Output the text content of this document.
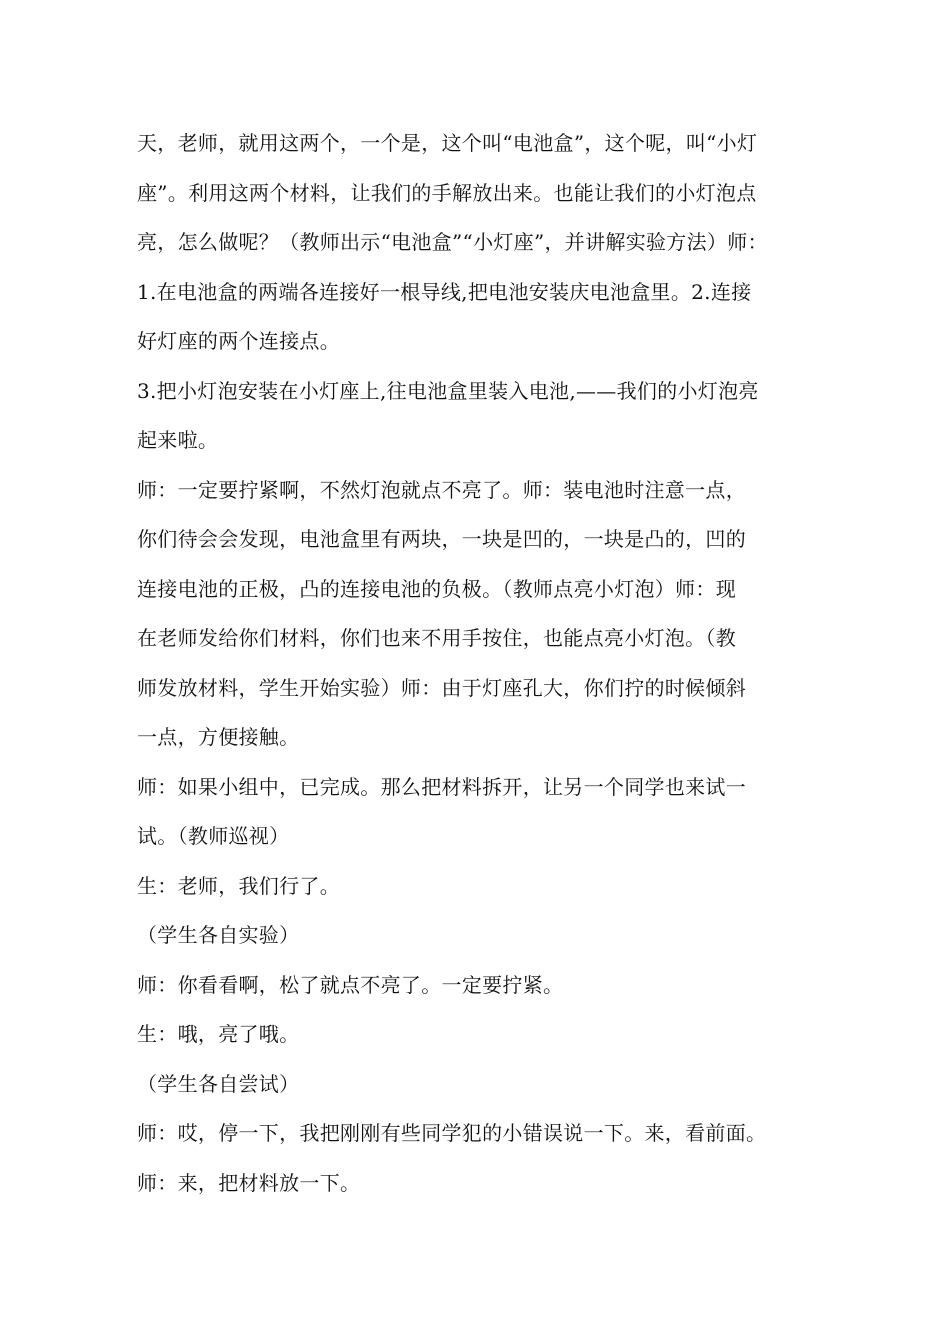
天，老师，就用这两个，一个是，这个叫“电池盒”，这个呢，叫“小灯
座”。利用这两个材料，让我们的手解放出来。也能让我们的小灯泡点
亮，怎么做呢？（教师出示“电池盒”“小灯座”，并讲解实验方法）师：
1.在电池盒的两端各连接好一根导线,把电池安装庆电池盒里。2.连接
好灯座的两个连接点。
3.把小灯泡安装在小灯座上,往电池盒里装入电池,——我们的小灯泡亮
起来啦。
师：一定要拧紧啊，不然灯泡就点不亮了。师：装电池时注意一点，
你们待会会发现，电池盒里有两块，一块是凹的，一块是凸的，凹的
连接电池的正极，凸的连接电池的负极。（教师点亮小灯泡）师：现
在老师发给你们材料，你们也来不用手按住，也能点亮小灯泡。（教
师发放材料，学生开始实验）师：由于灯座孔大，你们拧的时候倾斜
一点，方便接触。
师：如果小组中，已完成。那么把材料拆开，让另一个同学也来试一
试。（教师巡视）
生：老师，我们行了。
（学生各自实验）
师：你看看啊，松了就点不亮了。一定要拧紧。
生：哦，亮了哦。
（学生各自尝试）
师：哎，停一下，我把刚刚有些同学犯的小错误说一下。来，看前面。
师：来，把材料放一下。
